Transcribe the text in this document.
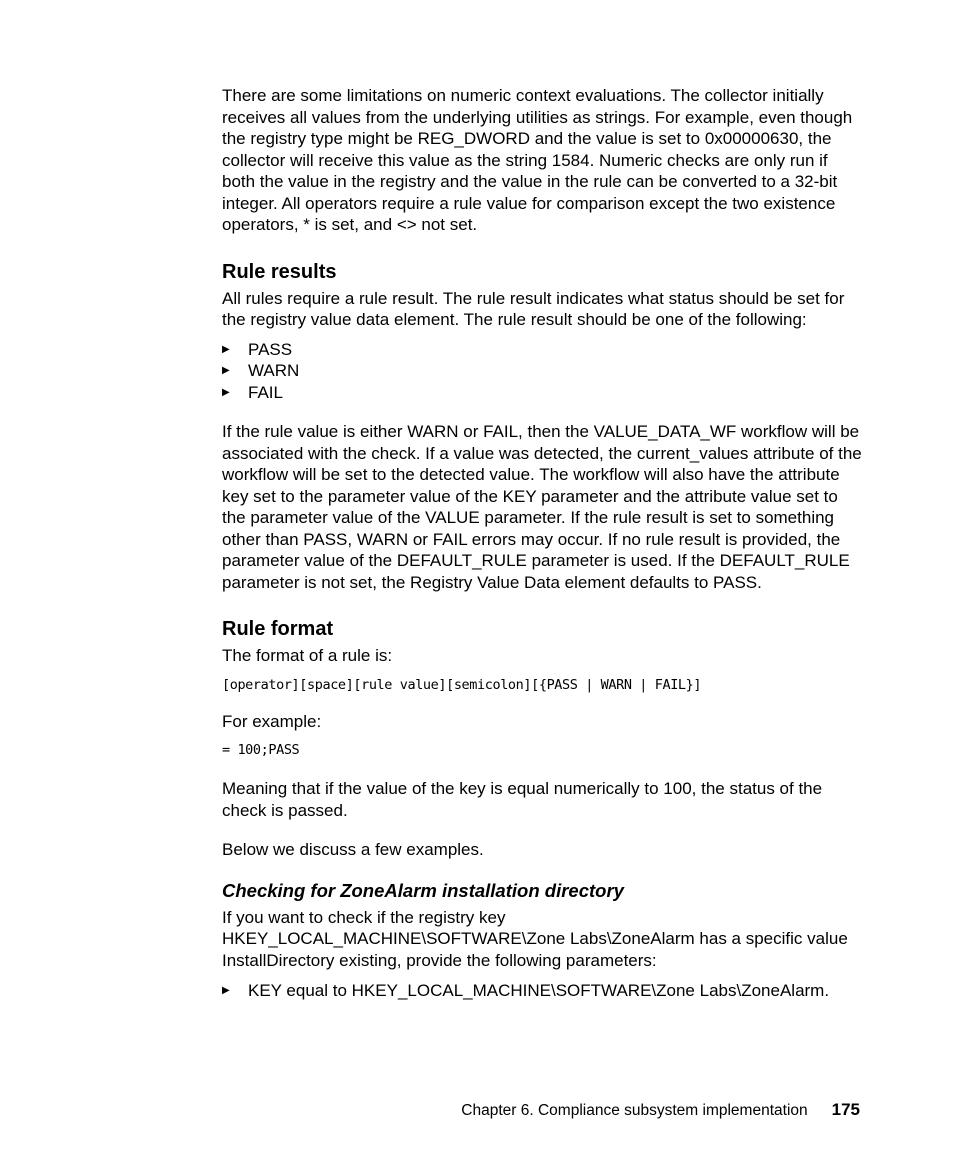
There are some limitations on numeric context evaluations. The collector initially receives all values from the underlying utilities as strings. For example, even though the registry type might be REG_DWORD and the value is set to 0x00000630, the collector will receive this value as the string 1584. Numeric checks are only run if both the value in the registry and the value in the rule can be converted to a 32-bit integer. All operators require a rule value for comparison except the two existence operators, * is set, and <> not set.

Rule results

All rules require a rule result. The rule result indicates what status should be set for the registry value data element. The rule result should be one of the following:

▶ PASS
▶ WARN
▶ FAIL

If the rule value is either WARN or FAIL, then the VALUE_DATA_WF workflow will be associated with the check. If a value was detected, the current_values attribute of the workflow will be set to the detected value. The workflow will also have the attribute key set to the parameter value of the KEY parameter and the attribute value set to the parameter value of the VALUE parameter. If the rule result is set to something other than PASS, WARN or FAIL errors may occur. If no rule result is provided, the parameter value of the DEFAULT_RULE parameter is used. If the DEFAULT_RULE parameter is not set, the Registry Value Data element defaults to PASS.

Rule format

The format of a rule is:

[operator][space][rule value][semicolon][{PASS | WARN | FAIL}]

For example:

= 100;PASS

Meaning that if the value of the key is equal numerically to 100, the status of the check is passed.

Below we discuss a few examples.

Checking for ZoneAlarm installation directory

If you want to check if the registry key

HKEY_LOCAL_MACHINE\SOFTWARE\Zone Labs\ZoneAlarm has a specific value InstallDirectory existing, provide the following parameters:

▶ KEY equal to HKEY_LOCAL_MACHINE\SOFTWARE\Zone Labs\ZoneAlarm.
Chapter 6. Compliance subsystem implementation 175
